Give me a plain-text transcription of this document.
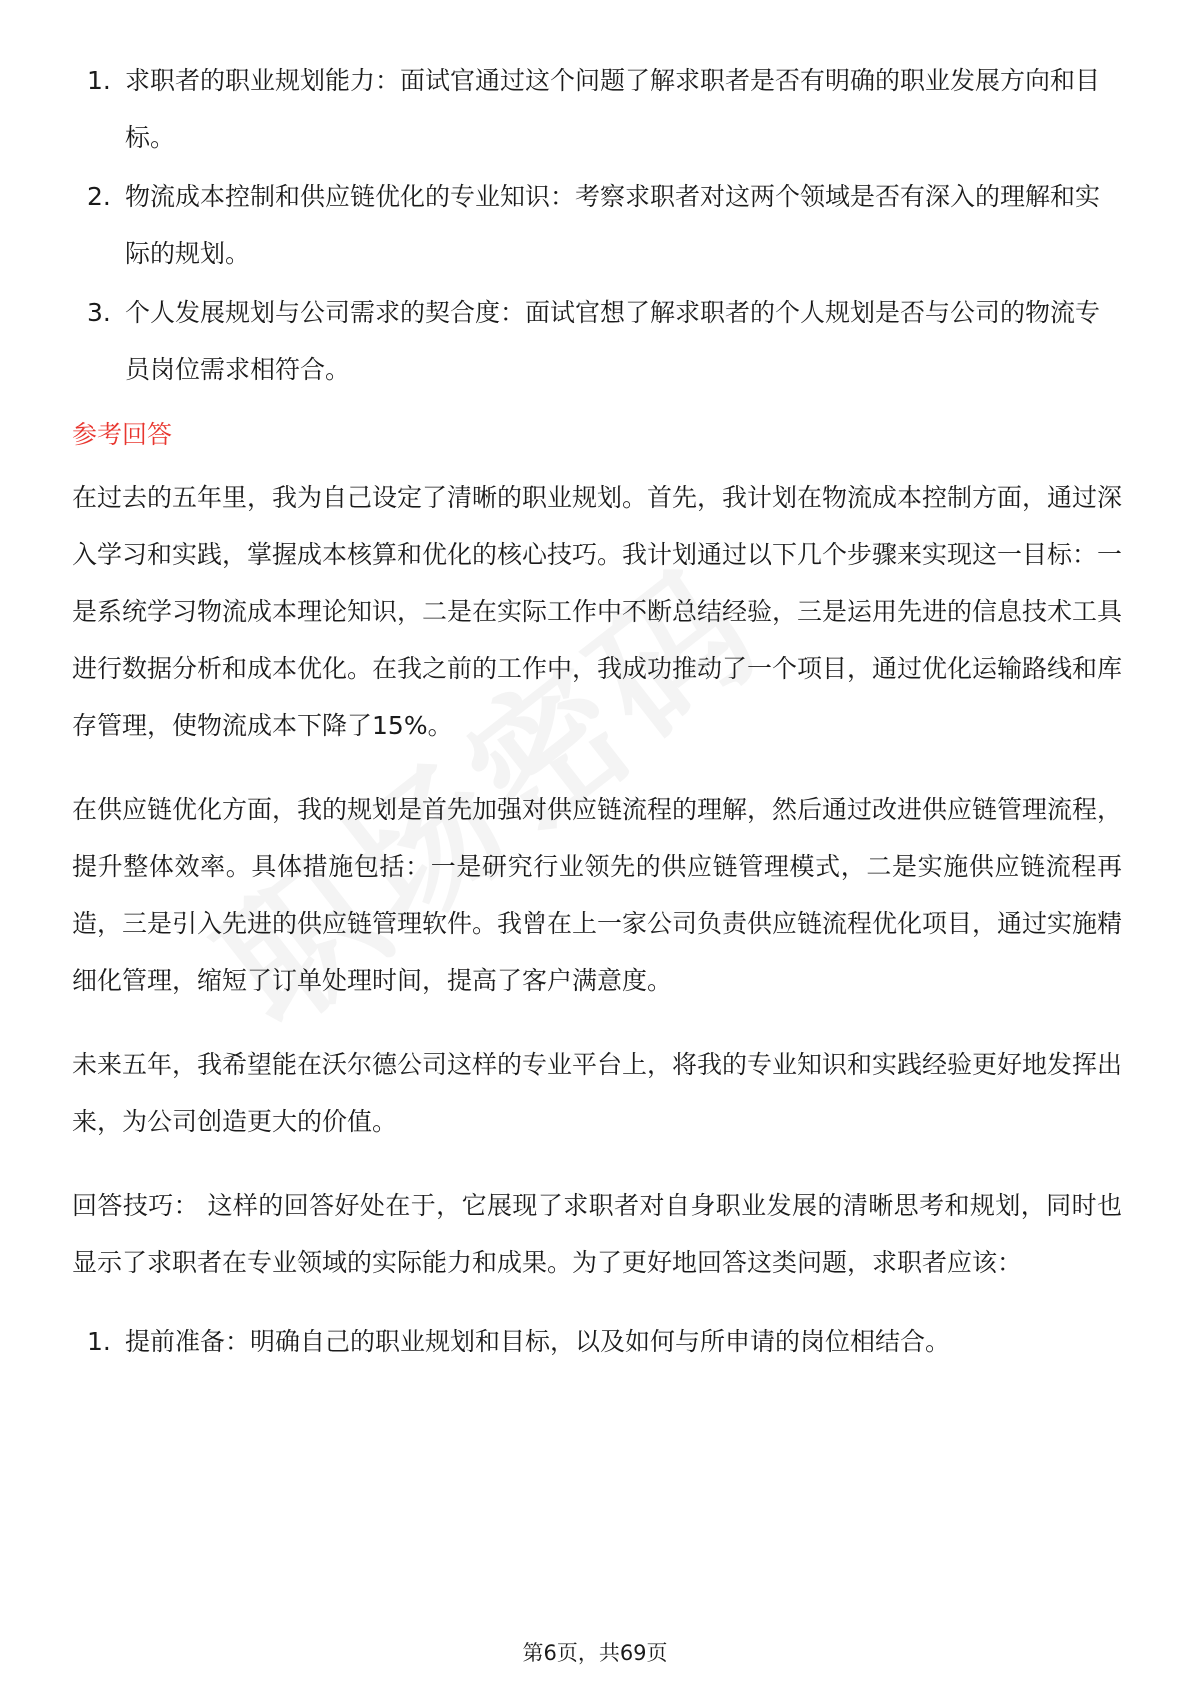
1. 求职者的职业规划能力：面试官通过这个问题了解求职者是否有明确的职业发展方向和目标。
2. 物流成本控制和供应链优化的专业知识：考察求职者对这两个领域是否有深入的理解和实际的规划。
3. 个人发展规划与公司需求的契合度：面试官想了解求职者的个人规划是否与公司的物流专员岗位需求相符合。
参考回答

在过去的五年里，我为自己设定了清晰的职业规划。首先，我计划在物流成本控制方面，通过深入学习和实践，掌握成本核算和优化的核心技巧。我计划通过以下几个步骤来实现这一目标：一是系统学习物流成本理论知识，二是在实际工作中不断总结经验，三是运用先进的信息技术工具进行数据分析和成本优化。在我之前的工作中，我成功推动了一个项目，通过优化运输路线和库存管理，使物流成本下降了15%。

在供应链优化方面，我的规划是首先加强对供应链流程的理解，然后通过改进供应链管理流程，提升整体效率。具体措施包括：一是研究行业领先的供应链管理模式，二是实施供应链流程再造，三是引入先进的供应链管理软件。我曾在上一家公司负责供应链流程优化项目，通过实施精细化管理，缩短了订单处理时间，提高了客户满意度。

未来五年，我希望能在沃尔德公司这样的专业平台上，将我的专业知识和实践经验更好地发挥出来，为公司创造更大的价值。

回答技巧： 这样的回答好处在于，它展现了求职者对自身职业发展的清晰思考和规划，同时也显示了求职者在专业领域的实际能力和成果。为了更好地回答这类问题，求职者应该：

1. 提前准备：明确自己的职业规划和目标，以及如何与所申请的岗位相结合。
第6页，共69页
